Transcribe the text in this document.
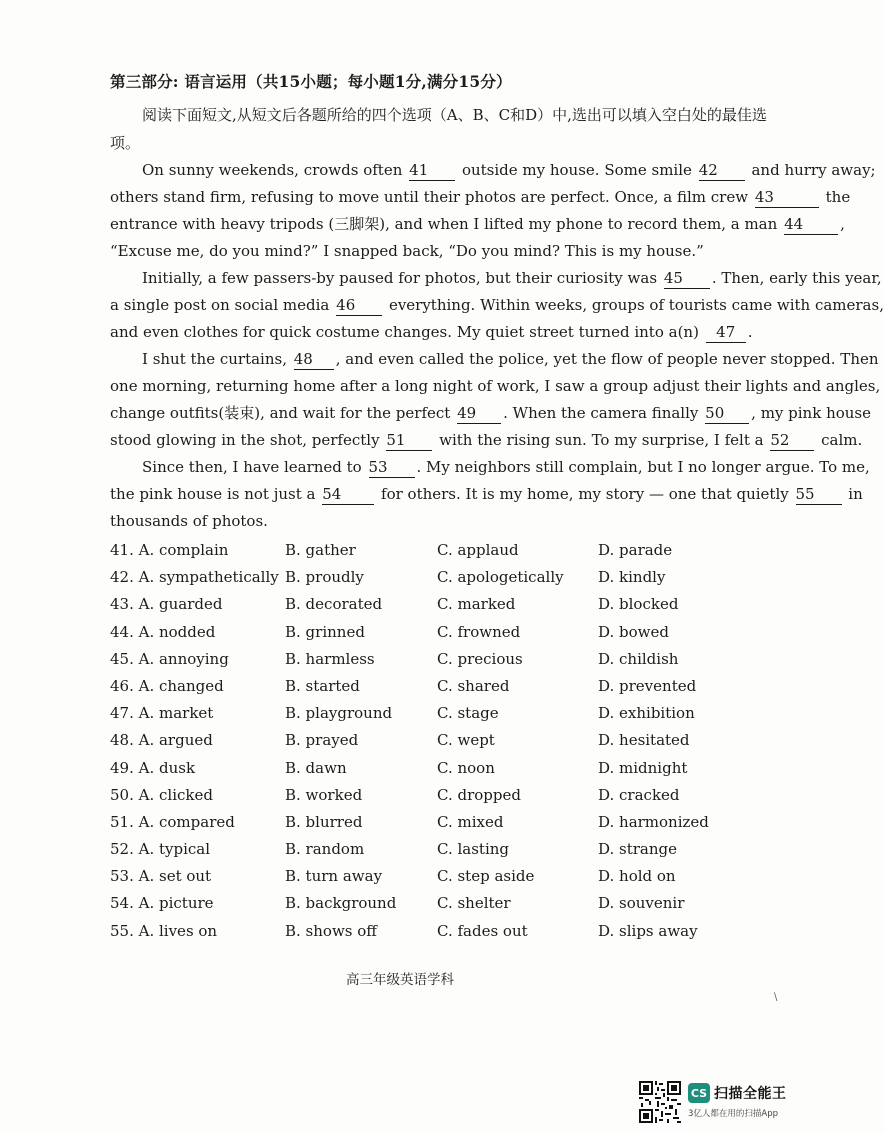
第三部分: 语言运用（共15小题；每小题1分,满分15分）
阅读下面短文,从短文后各题所给的四个选项（A、B、C和D）中,选出可以填入空白处的最佳选项。
On sunny weekends, crowds often 41 outside my house. Some smile 42 and hurry away;
others stand firm, refusing to move until their photos are perfect. Once, a film crew 43	the
entrance with heavy tripods (三脚架), and when I lifted my phone to record them, a man 44 ,
“Excuse me, do you mind?” I snapped back, “Do you mind? This is my house.”
Initially, a few passers-by paused for photos, but their curiosity was 45 . Then, early this year,
a single post on social media 46 everything. Within weeks, groups of tourists came with cameras,
and even clothes for quick costume changes. My quiet street turned into a(n) 47 .
I shut the curtains, 48 , and even called the police, yet the flow of people never stopped. Then
one morning, returning home after a long night of work, I saw a group adjust their lights and angles,
change outfits(装束), and wait for the perfect 49 . When the camera finally 50 , my pink house
stood glowing in the shot, perfectly 51 with the rising sun. To my surprise, I felt a 52 calm.
Since then, I have learned to 53 . My neighbors still complain, but I no longer argue. To me,
the pink house is not just a 54	for others. It is my home, my story — one that quietly 55 in
thousands of photos.
41. A. complain	B. gather	C. applaud	D. parade
42. A. sympathetically B. proudly	C. apologetically D. kindly
43. A. guarded	B. decorated	C. marked	D. blocked
44. A. nodded	B. grinned	C. frowned	D. bowed
45. A. annoying	B. harmless	C. precious	D. childish
46. A. changed	B. started	C. shared	D. prevented
47. A. market	B. playground	C. stage	D. exhibition
48. A. argued	B. prayed	C. wept	D. hesitated
49. A. dusk	B. dawn	C. noon	D. midnight
50. A. clicked	B. worked	C. dropped	D. cracked
51. A. compared	B. blurred	C. mixed	D. harmonized
52. A. typical	B. random	C. lasting	D. strange
53. A. set out	B. turn away	C. step aside	D. hold on
54. A. picture	B. background	C. shelter	D. souvenir
55. A. lives on	B. shows off	C. fades out	D. slips away
高三年级英语学科
\
CS 扫描全能王
3亿人都在用的扫描App
